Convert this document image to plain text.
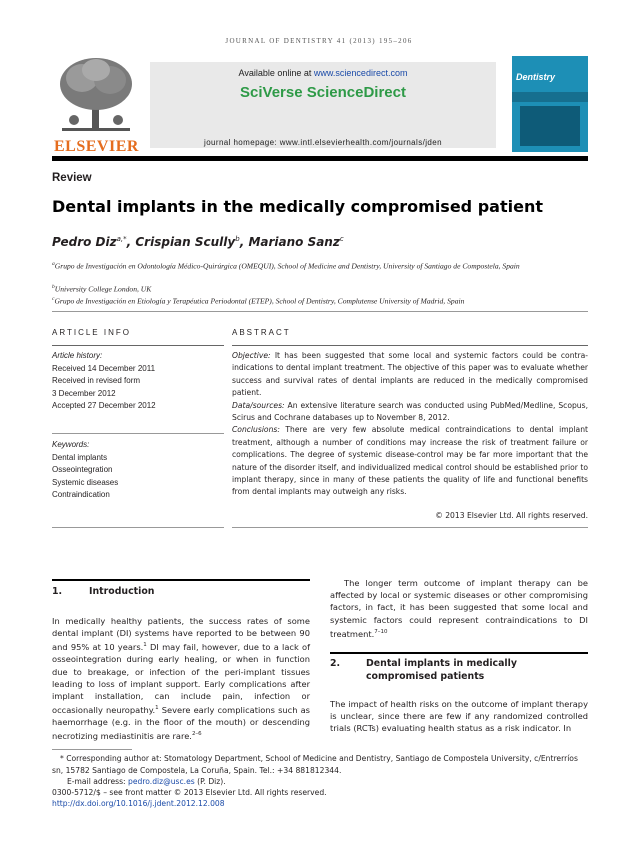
JOURNAL OF DENTISTRY 41 (2013) 195–206
ELSEVIER
Available online at www.sciencedirect.com
SciVerse ScienceDirect
journal homepage: www.intl.elsevierhealth.com/journals/jden
Dentistry
Review
Dental implants in the medically compromised patient
Pedro Diz$^{a,*}$, Crispian Scully$^b$, Mariano Sanz$^c$
$^a$Grupo de Investigación en Odontología Médico-Quirúrgica (OMEQUI), School of Medicine and Dentistry, University of Santiago de Compostela, Spain
$^b$University College London, UK
$^c$Grupo de Investigación en Etiología y Terapéutica Periodontal (ETEP), School of Dentistry, Complutense University of Madrid, Spain
ARTICLE INFO	ABSTRACT
Article history:
Received 14 December 2011
Received in revised form
3 December 2012
Accepted 27 December 2012
Keywords:
Dental implants
Osseointegration
Systemic diseases
Contraindication

Objective: It has been suggested that some local and systemic factors could be contra-indications to dental implant treatment. The objective of this paper was to evaluate whether success and survival rates of dental implants are reduced in the medically compromised patient.

Data/sources: An extensive literature search was conducted using PubMed/Medline, Scopus, Scirus and Cochrane databases up to November 8, 2012.

Conclusions: There are very few absolute medical contraindications to dental implant treatment, although a number of conditions may increase the risk of treatment failure or complications. The degree of systemic disease-control may be far more important that the nature of the disorder itself, and individualized medical control should be established prior to implant therapy, since in many of these patients the quality of life and functional benefits from dental implants may outweigh any risks.

© 2013 Elsevier Ltd. All rights reserved.
1.	Introduction
In medically healthy patients, the success rates of some dental implant (DI) systems have reported to be between 90 and 95% at 10 years.$^1$ DI may fail, however, due to a lack of osseointegration during early healing, or when in function due to breakage, or infection of the peri-implant tissues leading to loss of implant support. Early complications after implant installation, can include pain, infection or occasionally neuropathy.$^1$ Severe early complications such as haemorrhage (e.g. in the floor of the mouth) or descending necrotizing mediastinitis are rare.$^{2-6}$
The longer term outcome of implant therapy can be affected by local or systemic diseases or other compromising factors, in fact, it has been suggested that some local and systemic factors could represent contraindications to DI treatment.$^{7-10}$
2.	Dental implants in medically compromised patients
The impact of health risks on the outcome of implant therapy is unclear, since there are few if any randomized controlled trials (RCTs) evaluating health status as a risk indicator. In
* Corresponding author at: Stomatology Department, School of Medicine and Dentistry, Santiago de Compostela University, c/Entrerríos sn, 15782 Santiago de Compostela, La Coruña, Spain. Tel.: +34 881812344.
E-mail address: pedro.diz@usc.es (P. Diz).
0300-5712/$ – see front matter © 2013 Elsevier Ltd. All rights reserved.
http://dx.doi.org/10.1016/j.jdent.2012.12.008
